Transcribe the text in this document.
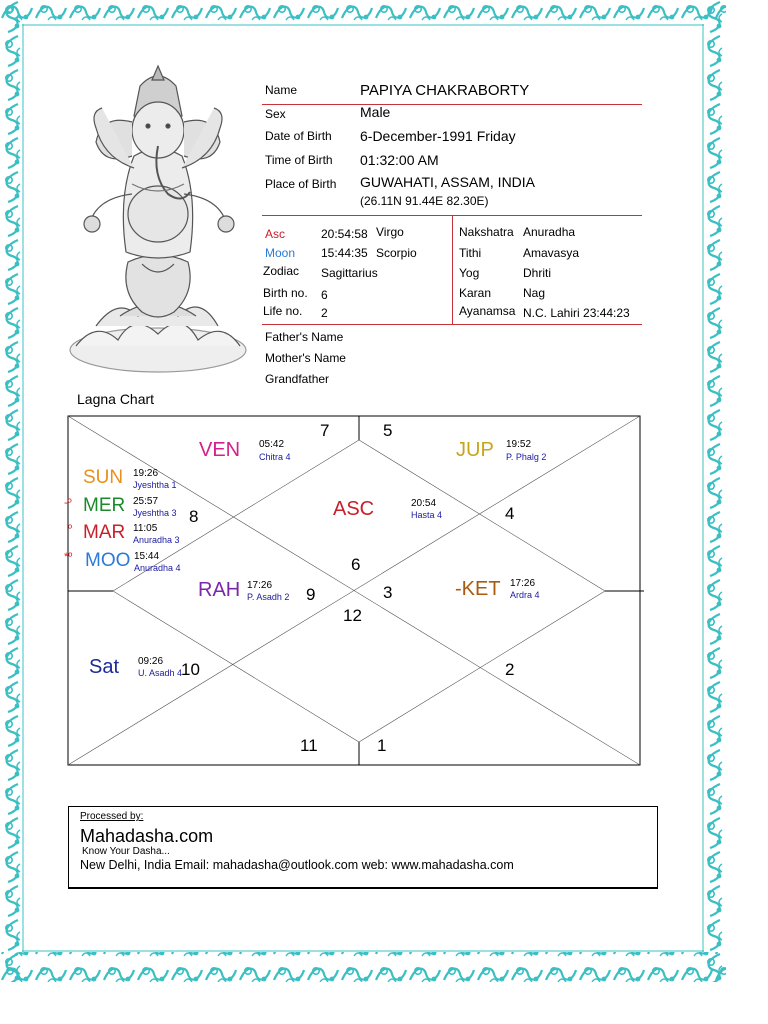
Name	PAPIYA CHAKRABORTY
Sex	Male
Date of Birth 6-December-1991 Friday
Time of Birth 01:32:00 AM
Place of Birth GUWAHATI, ASSAM, INDIA
(26.11N 91.44E 82.30E)
Asc	20:54:58 Virgo
Moon 15:44:35 Scorpio
Zodiac Sagittarius
Birth no. 6
Life no. 2
Nakshatra Anuradha
Tithi	Amavasya
Yog	Dhriti
Karan	Nag
Ayanamsa N.C. Lahiri 23:44:23
Father's Name
Mother's Name
Grandfather
Lagna Chart
7	5
4
6
3
8
9
12
10	2
11	1
-º
º
*º
VEN 05:42
Chitra 4	JUP 19:52
P. Phalg 2
SUN 19:26
Jyeshtha 1
MER 25:57
Jyeshtha 3
MAR 11:05
Anuradha 3
MOO 15:44
Anuradha 4
ASC	20:54
Hasta 4
RAH 17:26
P. Asadh 2	-KET 17:26
Ardra 4
Sat 09:26
U. Asadh 4
Processed by:
Mahadasha.com
Know Your Dasha...
New Delhi, India Email: mahadasha@outlook.com web: www.mahadasha.com
